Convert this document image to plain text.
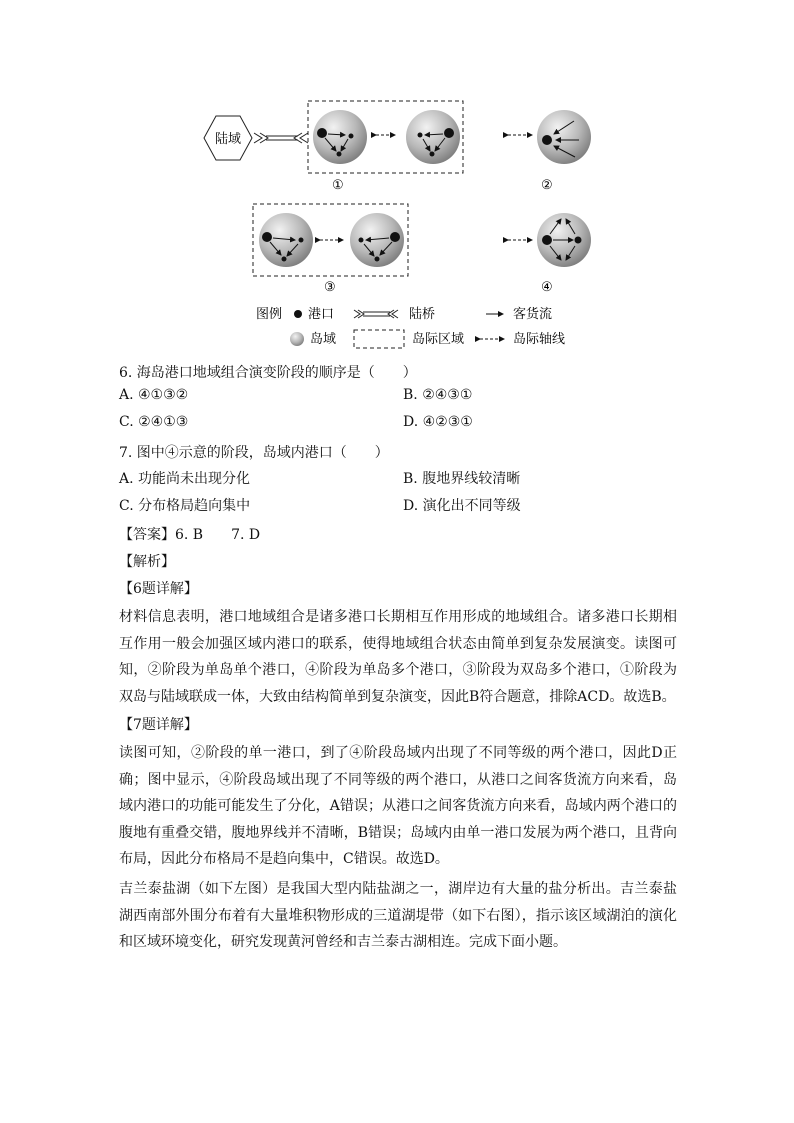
陆域
①	②
③	④
图例 港口	陆桥	客货流
岛域	岛际区域	岛际轴线
6. 海岛港口地域组合演变阶段的顺序是（　　）
A. ④①③②	B. ②④③①
C. ②④①③	D. ④②③①
7. 图中④示意的阶段，岛域内港口（　　）
A. 功能尚未出现分化	B. 腹地界线较清晰
C. 分布格局趋向集中	D. 演化出不同等级
【答案】6. B　　7. D
【解析】
【6题详解】
材料信息表明，港口地域组合是诸多港口长期相互作用形成的地域组合。诸多港口长期相互作用一般会加强区域内港口的联系，使得地域组合状态由简单到复杂发展演变。读图可知，②阶段为单岛单个港口，④阶段为单岛多个港口，③阶段为双岛多个港口，①阶段为双岛与陆域联成一体，大致由结构简单到复杂演变，因此B符合题意，排除ACD。故选B。
【7题详解】
读图可知，②阶段的单一港口，到了④阶段岛域内出现了不同等级的两个港口，因此D正确；图中显示，④阶段岛域出现了不同等级的两个港口，从港口之间客货流方向来看，岛域内港口的功能可能发生了分化，A错误；从港口之间客货流方向来看，岛域内两个港口的腹地有重叠交错，腹地界线并不清晰，B错误；岛域内由单一港口发展为两个港口，且背向布局，因此分布格局不是趋向集中，C错误。故选D。
吉兰泰盐湖（如下左图）是我国大型内陆盐湖之一，湖岸边有大量的盐分析出。吉兰泰盐湖西南部外围分布着有大量堆积物形成的三道湖堤带（如下右图），指示该区域湖泊的演化和区域环境变化，研究发现黄河曾经和吉兰泰古湖相连。完成下面小题。
